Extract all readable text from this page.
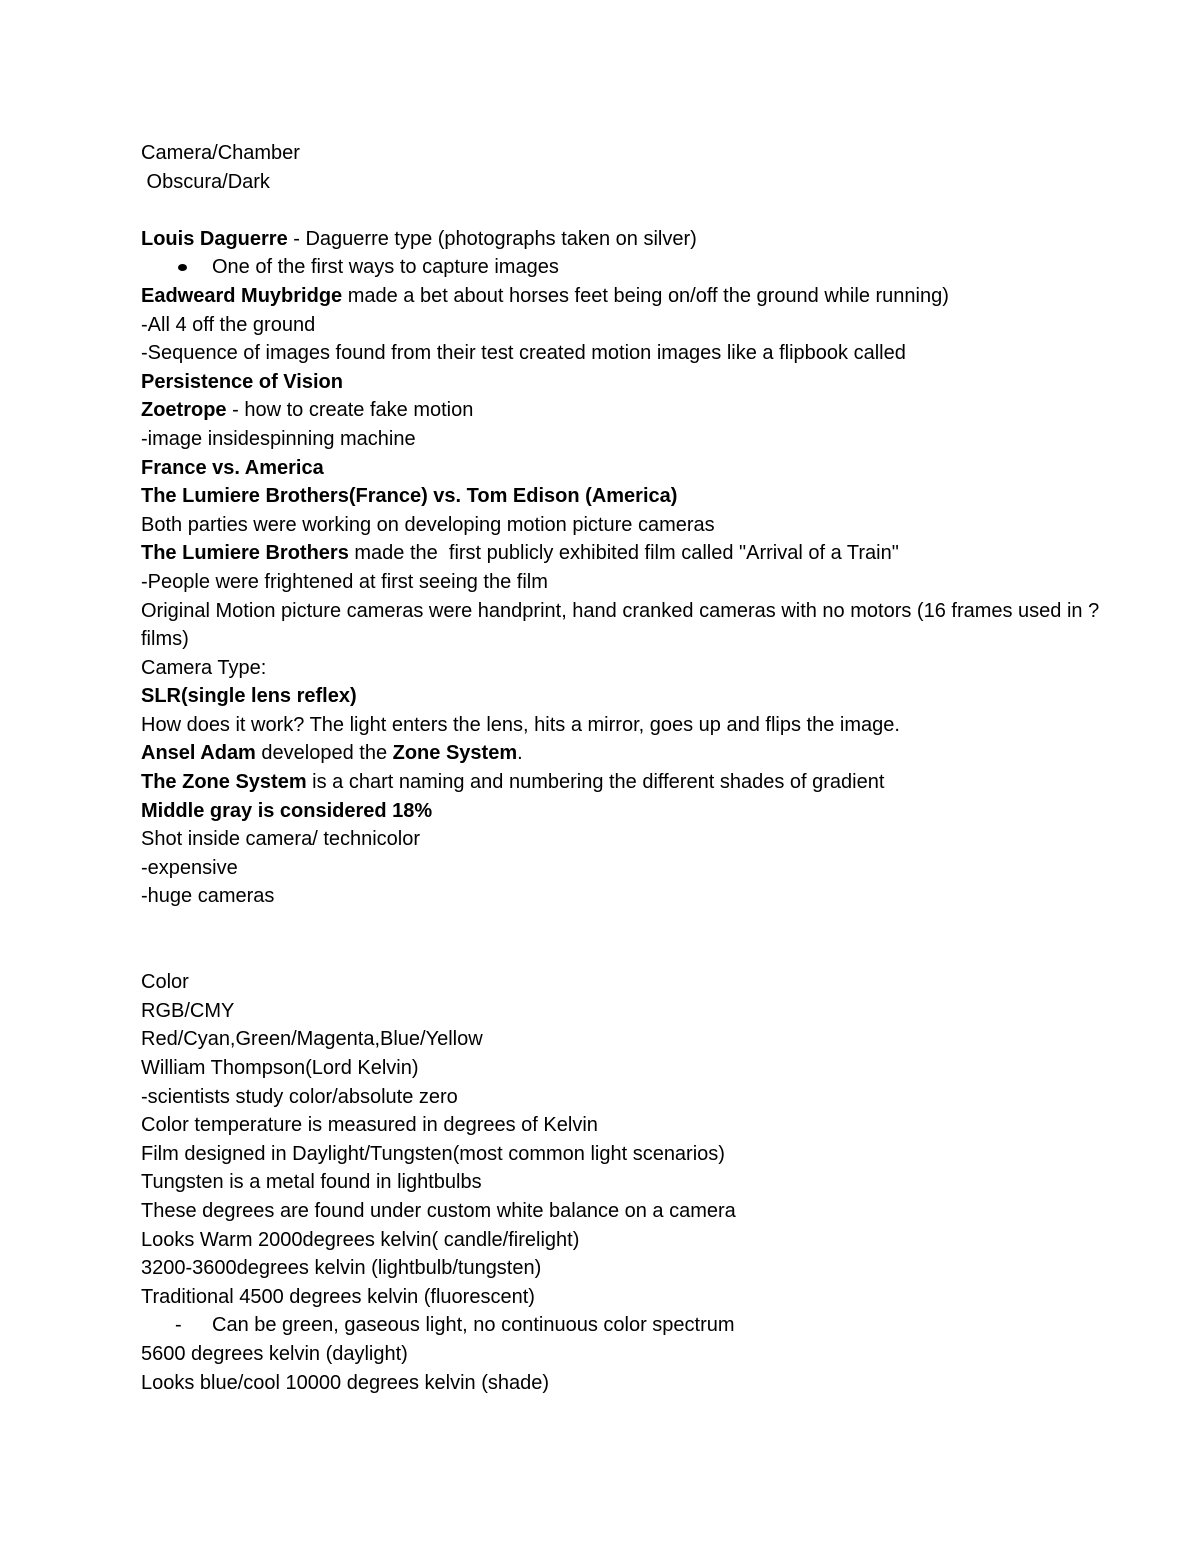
Camera/Chamber
Obscura/Dark
Louis Daguerre - Daguerre type (photographs taken on silver)
One of the first ways to capture images
Eadweard Muybridge made a bet about horses feet being on/off the ground while running)
-All 4 off the ground
-Sequence of images found from their test created motion images like a flipbook called
Persistence of Vision
Zoetrope - how to create fake motion
-image insidespinning machine
France vs. America
The Lumiere Brothers(France) vs. Tom Edison (America)
Both parties were working on developing motion picture cameras
The Lumiere Brothers made the  first publicly exhibited film called "Arrival of a Train"
-People were frightened at first seeing the film
Original Motion picture cameras were handprint, hand cranked cameras with no motors (16 frames used in ? films)
Camera Type:
SLR(single lens reflex)
How does it work? The light enters the lens, hits a mirror, goes up and flips the image.
Ansel Adam developed the Zone System.
The Zone System is a chart naming and numbering the different shades of gradient
Middle gray is considered 18%
Shot inside camera/ technicolor
-expensive
-huge cameras
Color
RGB/CMY
Red/Cyan,Green/Magenta,Blue/Yellow
William Thompson(Lord Kelvin)
-scientists study color/absolute zero
Color temperature is measured in degrees of Kelvin
Film designed in Daylight/Tungsten(most common light scenarios)
Tungsten is a metal found in lightbulbs
These degrees are found under custom white balance on a camera
Looks Warm 2000degrees kelvin( candle/firelight)
3200-3600degrees kelvin (lightbulb/tungsten)
Traditional 4500 degrees kelvin (fluorescent)
- Can be green, gaseous light, no continuous color spectrum
5600 degrees kelvin (daylight)
Looks blue/cool 10000 degrees kelvin (shade)
